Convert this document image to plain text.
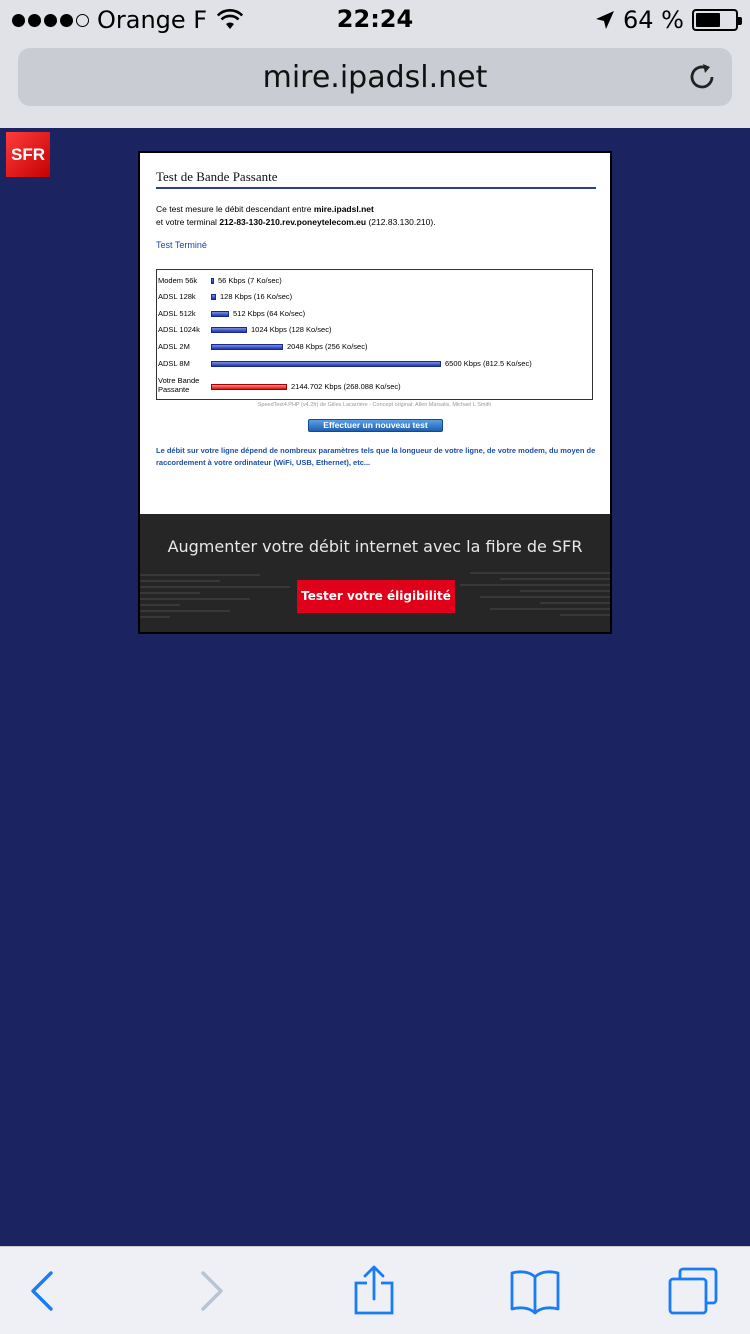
Orange F	22:24	64 %
mire.ipadsl.net
SFR
Test de Bande Passante
Ce test mesure le débit descendant entre mire.ipadsl.net
et votre terminal 212-83-130-210.rev.poneytelecom.eu (212.83.130.210).
Test Terminé
Modem 56k	56 Kbps (7 Ko/sec)
ADSL 128k	128 Kbps (16 Ko/sec)
ADSL 512k	512 Kbps (64 Ko/sec)
ADSL 1024k	1024 Kbps (128 Ko/sec)
ADSL 2M	2048 Kbps (256 Ko/sec)
ADSL 8M	6500 Kbps (812.5 Ko/sec)
Votre Bande Passante	2144.702 Kbps (268.088 Ko/sec)
SpeedTest4.PHP (v4.2fr) de Gilles Lacarrière - Concept original: Allen Marsalis, Michael L Smith
Effectuer un nouveau test
Le débit sur votre ligne dépend de nombreux paramètres tels que la longueur de votre ligne, de votre modem, du moyen de raccordement à votre ordinateur (WiFi, USB, Ethernet), etc...
Augmenter votre débit internet avec la fibre de SFR
Tester votre éligibilité
